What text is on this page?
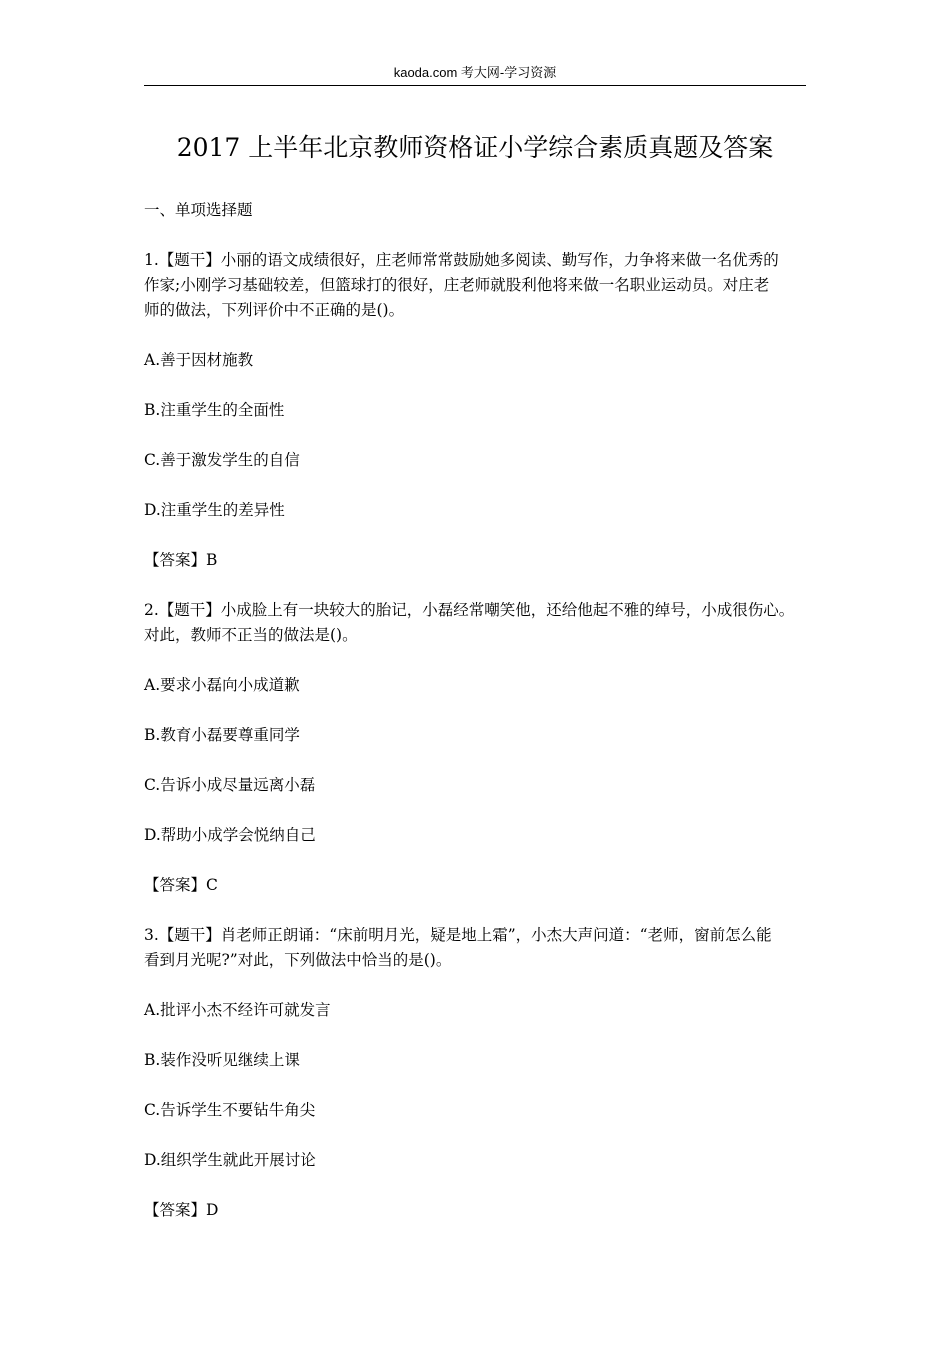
kaoda.com 考大网-学习资源
2017 上半年北京教师资格证小学综合素质真题及答案
一、单项选择题
1.【题干】小丽的语文成绩很好，庄老师常常鼓励她多阅读、勤写作，力争将来做一名优秀的
作家;小刚学习基础较差，但篮球打的很好，庄老师就股利他将来做一名职业运动员。对庄老
师的做法，下列评价中不正确的是()。
A.善于因材施教
B.注重学生的全面性
C.善于激发学生的自信
D.注重学生的差异性
【答案】B
2.【题干】小成脸上有一块较大的胎记，小磊经常嘲笑他，还给他起不雅的绰号，小成很伤心。
对此，教师不正当的做法是()。
A.要求小磊向小成道歉
B.教育小磊要尊重同学
C.告诉小成尽量远离小磊
D.帮助小成学会悦纳自己
【答案】C
3.【题干】肖老师正朗诵：“床前明月光，疑是地上霜”，小杰大声问道：“老师，窗前怎么能
看到月光呢?”对此，下列做法中恰当的是()。
A.批评小杰不经许可就发言
B.装作没听见继续上课
C.告诉学生不要钻牛角尖
D.组织学生就此开展讨论
【答案】D
